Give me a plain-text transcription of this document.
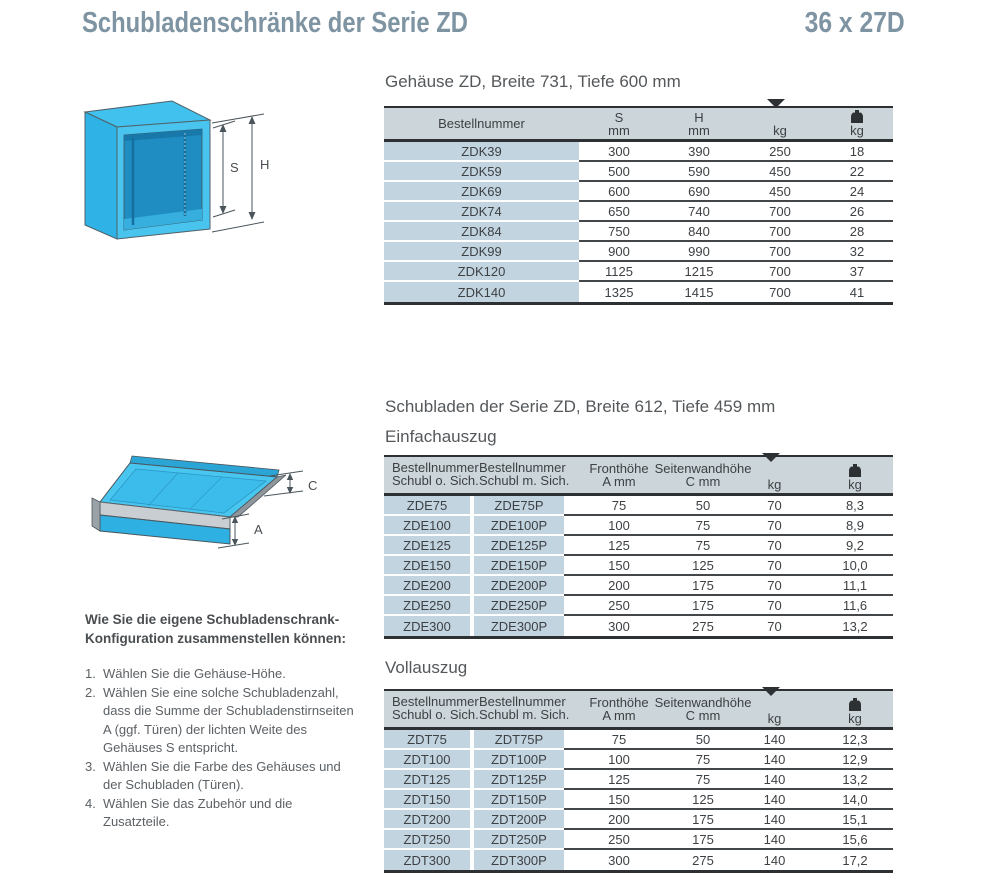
Schubladenschränke der Serie ZD	36 x 27D
S H
C
A
Gehäuse ZD, Breite 731, Tiefe 600 mm
Bestellnummer	S
mm
H
mm	kg	kg
ZDK39	300	390	250	18
ZDK59	500	590	450	22
ZDK69	600	690	450	24
ZDK74	650	740	700	26
ZDK84	750	840	700	28
ZDK99	900	990	700	32
ZDK120	1125	1215	700	37
ZDK140	1325	1415	700	41
Schubladen der Serie ZD, Breite 612, Tiefe 459 mm
Einfachauszug
Bestellnummer
Schubl o. Sich.
Bestellnummer
Schubl m. Sich.
Fronthöhe
A mm
Seitenwandhöhe
C mm	kg	kg
ZDE75	ZDE75P	75	50	70	8,3
ZDE100	ZDE100P	100	75	70	8,9
ZDE125	ZDE125P	125	75	70	9,2
ZDE150	ZDE150P	150	125	70	10,0
ZDE200	ZDE200P	200	175	70	11,1
ZDE250	ZDE250P	250	175	70	11,6
ZDE300	ZDE300P	300	275	70	13,2

Wie Sie die eigene Schubladenschrank-Konfiguration zusammenstellen können:

1. Wählen Sie die Gehäuse-Höhe.
2. Wählen Sie eine solche Schubladenzahl, dass die Summe der Schubladenstirnseiten A (ggf. Türen) der lichten Weite des Gehäuses S entspricht.
3. Wählen Sie die Farbe des Gehäuses und der Schubladen (Türen).
4. Wählen Sie das Zubehör und die Zusatzteile.
Vollauszug
Bestellnummer
Schubl o. Sich.
Bestellnummer
Schubl m. Sich.
Fronthöhe
A mm
Seitenwandhöhe
C mm	kg	kg
ZDT75	ZDT75P	75	50	140	12,3
ZDT100	ZDT100P	100	75	140	12,9
ZDT125	ZDT125P	125	75	140	13,2
ZDT150	ZDT150P	150	125	140	14,0
ZDT200	ZDT200P	200	175	140	15,1
ZDT250	ZDT250P	250	175	140	15,6
ZDT300	ZDT300P	300	275	140	17,2
